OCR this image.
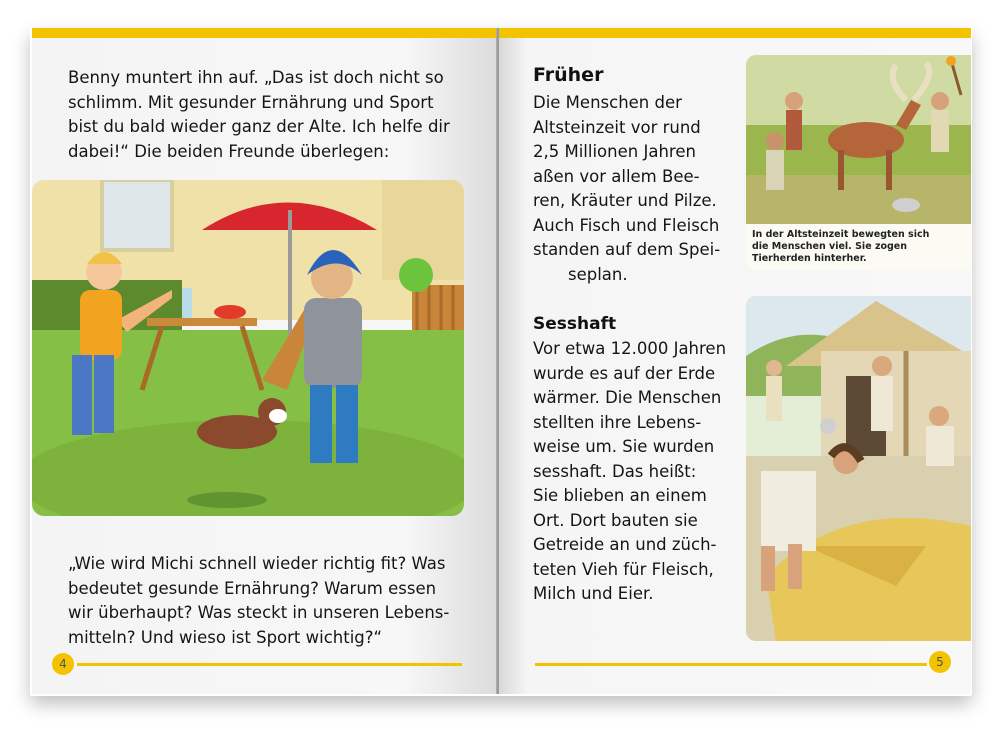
Benny muntert ihn auf. „Das ist doch nicht so
schlimm. Mit gesunder Ernährung und Sport
bist du bald wieder ganz der Alte. Ich helfe dir
dabei!“ Die beiden Freunde überlegen:
„Wie wird Michi schnell wieder richtig fit? Was
bedeutet gesunde Ernährung? Warum essen
wir überhaupt? Was steckt in unseren Lebens-
mitteln? Und wieso ist Sport wichtig?“
4
Früher
Die Menschen der
Altsteinzeit vor rund
2,5 Millionen Jahren
aßen vor allem Bee-
ren, Kräuter und Pilze.
Auch Fisch und Fleisch
standen auf dem Spei-
seplan.
In der Altsteinzeit bewegten sich
die Menschen viel. Sie zogen
Tierherden hinterher.
Sesshaft
Vor etwa 12.000 Jahren
wurde es auf der Erde
wärmer. Die Menschen
stellten ihre Lebens-
weise um. Sie wurden
sesshaft. Das heißt:
Sie blieben an einem
Ort. Dort bauten sie
Getreide an und züch-
teten Vieh für Fleisch,
Milch und Eier.
5
